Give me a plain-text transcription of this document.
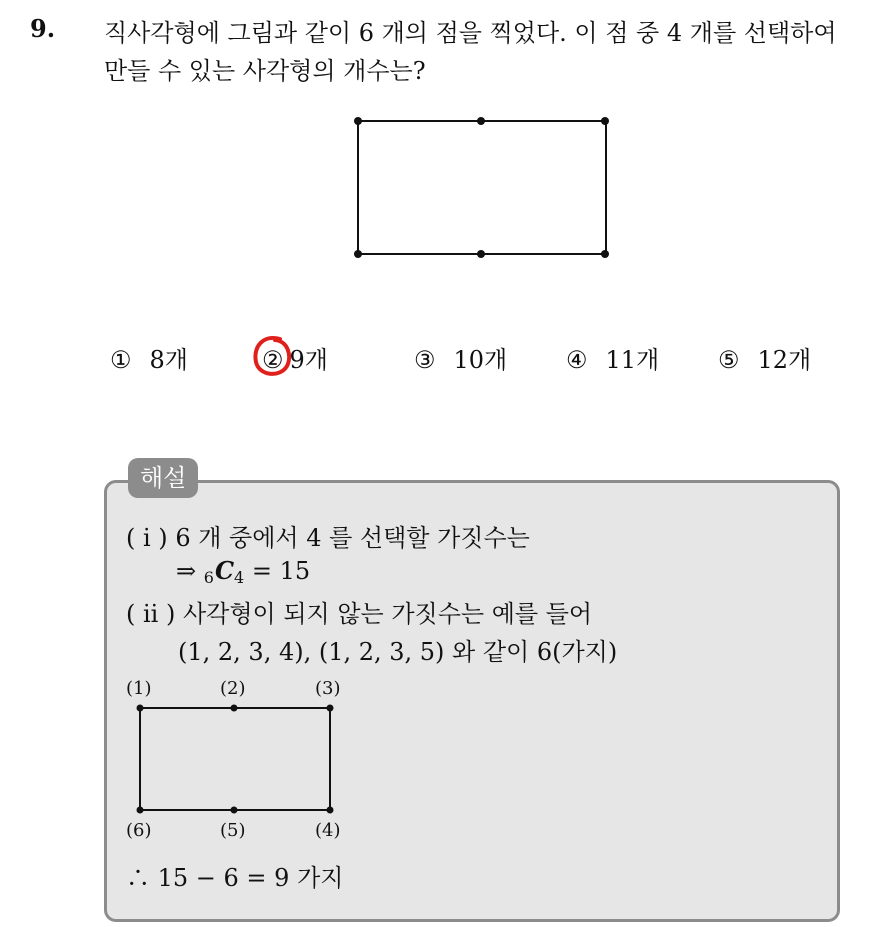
9. 직사각형에 그림과 같이 6 개의 점을 찍었다. 이 점 중 4 개를 선택하여
만들 수 있는 사각형의 개수는?
① 8개	② 9개	③ 10개 ④ 11개 ⑤ 12개
해설
( i ) 6 개 중에서 4 를 선택할 가짓수는
⇒ $6C_4 = 15$
( ii ) 사각형이 되지 않는 가짓수는 예를 들어
(1, 2, 3, 4), (1, 2, 3, 5) 와 같이 6(가지)
(1)	(2)	(3)
(6)	(5)	(4)
∴ 15 − 6 = 9 가지
